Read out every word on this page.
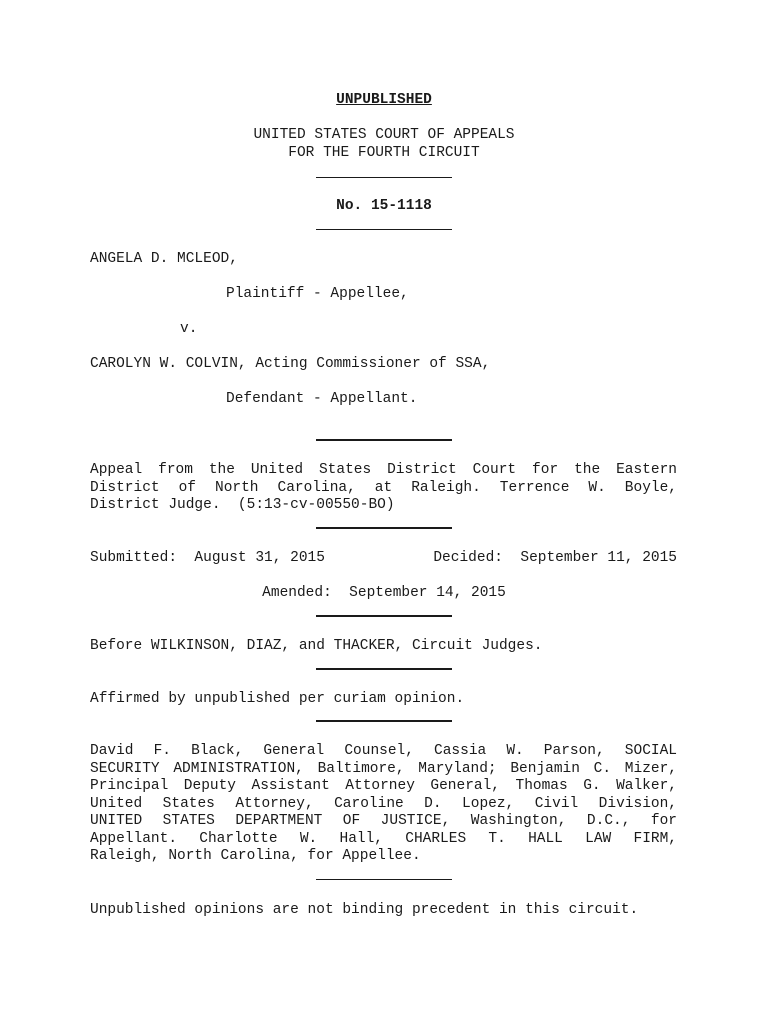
UNPUBLISHED
UNITED STATES COURT OF APPEALS
FOR THE FOURTH CIRCUIT
No. 15-1118
ANGELA D. MCLEOD,
Plaintiff - Appellee,
v.
CAROLYN W. COLVIN, Acting Commissioner of SSA,
Defendant - Appellant.
Appeal from the United States District Court for the Eastern
District of North Carolina, at Raleigh. Terrence W. Boyle,
District Judge.  (5:13-cv-00550-BO)
Submitted:  August 31, 2015	Decided:  September 11, 2015
Amended:  September 14, 2015
Before WILKINSON, DIAZ, and THACKER, Circuit Judges.
Affirmed by unpublished per curiam opinion.
David F. Black, General Counsel, Cassia W. Parson, SOCIAL
SECURITY ADMINISTRATION, Baltimore, Maryland; Benjamin C. Mizer,
Principal Deputy Assistant Attorney General, Thomas G. Walker,
United States Attorney, Caroline D. Lopez, Civil Division,
UNITED STATES DEPARTMENT OF JUSTICE, Washington, D.C., for
Appellant. Charlotte W. Hall, CHARLES T. HALL LAW FIRM,
Raleigh, North Carolina, for Appellee.
Unpublished opinions are not binding precedent in this circuit.
